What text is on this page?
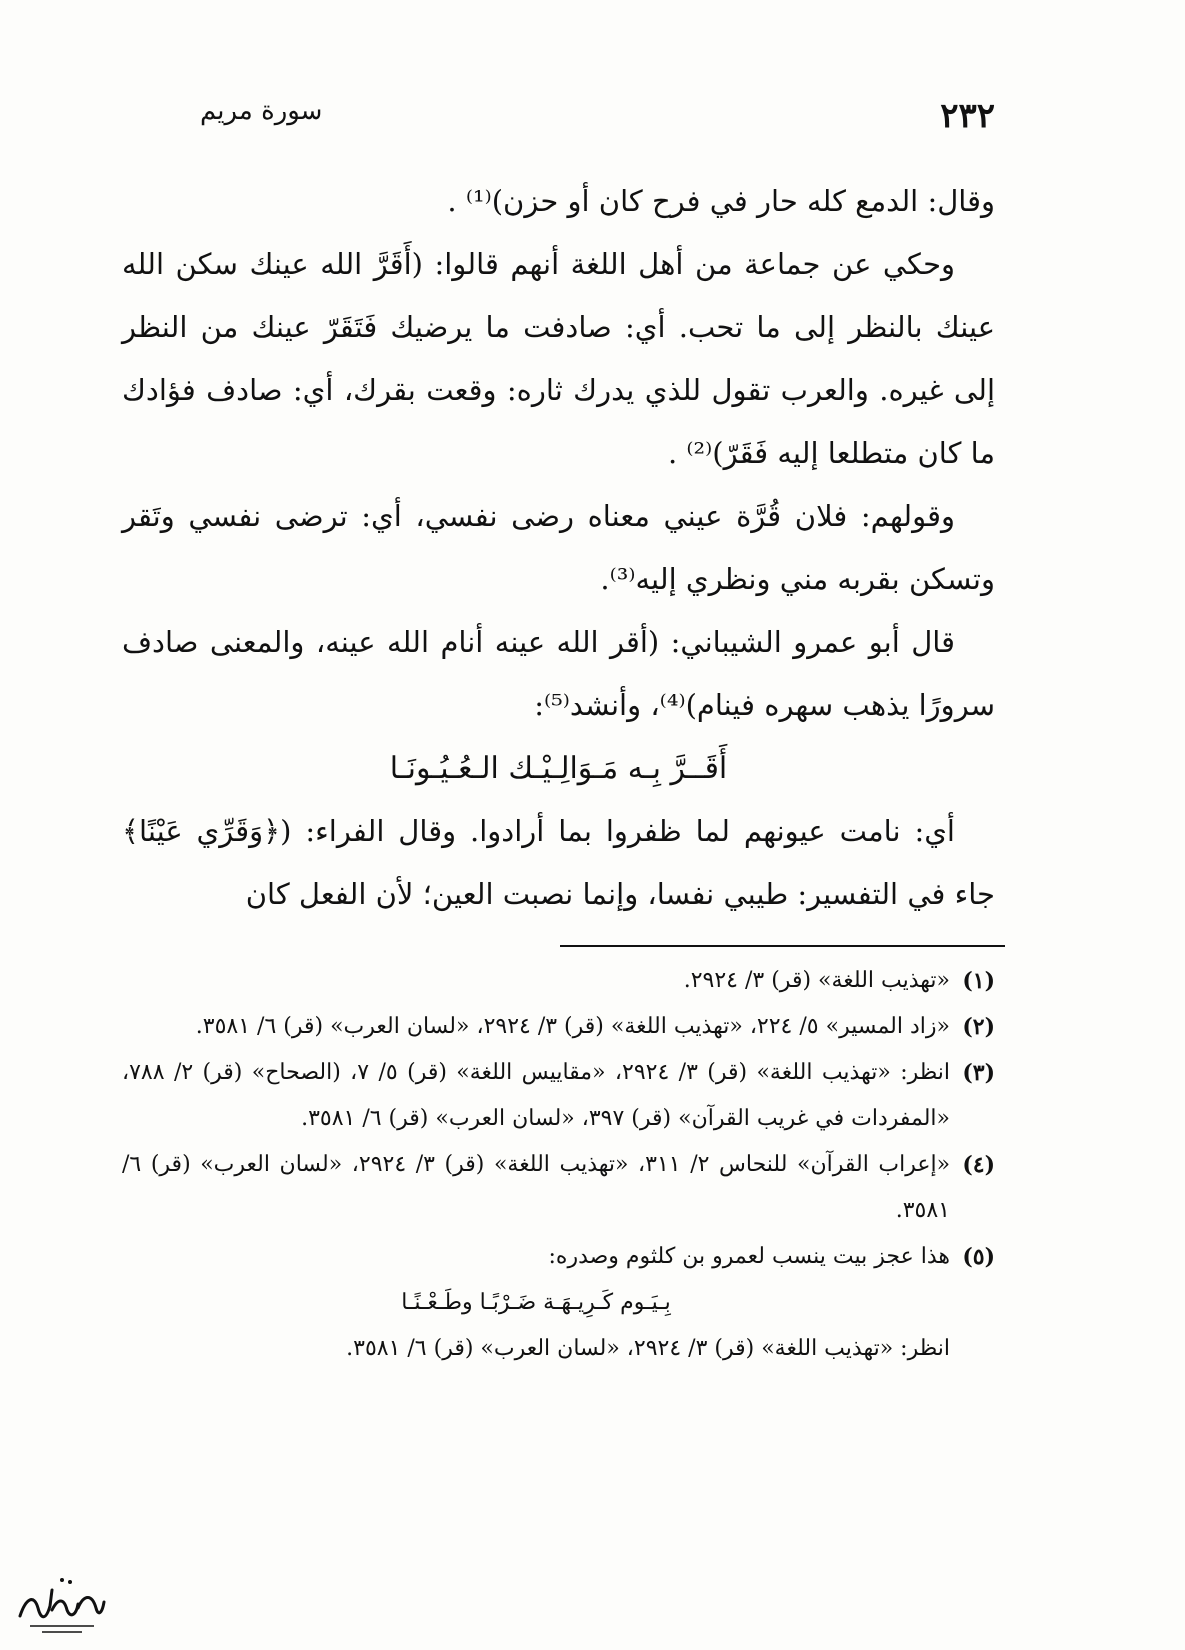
٢٣٢
سورة مريم

وقال: الدمع كله حار في فرح كان أو حزن)⁽¹⁾ .

وحكي عن جماعة من أهل اللغة أنهم قالوا: (أَقَرَّ الله عينك سكن الله عينك بالنظر إلى ما تحب. أي: صادفت ما يرضيك فَتَقَرّ عينك من النظر إلى غيره. والعرب تقول للذي يدرك ثاره: وقعت بقرك، أي: صادف فؤادك ما كان متطلعا إليه فَقَرّ)⁽²⁾ .

وقولهم: فلان قُرَّة عيني معناه رضى نفسي، أي: ترضى نفسي وتَقر وتسكن بقربه مني ونظري إليه⁽³⁾.

قال أبو عمرو الشيباني: (أقر الله عينه أنام الله عينه، والمعنى صادف سرورًا يذهب سهره فينام)⁽⁴⁾، وأنشد⁽⁵⁾:

أَقَــرَّ بِـه مَـوَالِـيْـك الـعُـيُـونَـا

أي: نامت عيونهم لما ظفروا بما أرادوا. وقال الفراء: (﴿وَقَرِّي عَيْنًا﴾ جاء في التفسير: طيبي نفسا، وإنما نصبت العين؛ لأن الفعل كان

(١)
«تهذيب اللغة» (قر) ٣/ ٢٩٢٤.
(٢)
«زاد المسير» ٥/ ٢٢٤، «تهذيب اللغة» (قر) ٣/ ٢٩٢٤، «لسان العرب» (قر) ٦/ ٣٥٨١.
(٣)
انظر: «تهذيب اللغة» (قر) ٣/ ٢٩٢٤، «مقاييس اللغة» (قر) ٥/ ٧، (الصحاح» (قر) ٢/ ٧٨٨، «المفردات في غريب القرآن» (قر) ٣٩٧، «لسان العرب» (قر) ٦/ ٣٥٨١.
(٤)
«إعراب القرآن» للنحاس ٢/ ٣١١، «تهذيب اللغة» (قر) ٣/ ٢٩٢٤، «لسان العرب» (قر) ٦/ ٣٥٨١.
(٥)
هذا عجز بيت ينسب لعمرو بن كلثوم وصدره:
بِـيَـوم كَـرِيـهَـة ضَـرْبًـا وطَـعْـنًـا
انظر: «تهذيب اللغة» (قر) ٣/ ٢٩٢٤، «لسان العرب» (قر) ٦/ ٣٥٨١.
